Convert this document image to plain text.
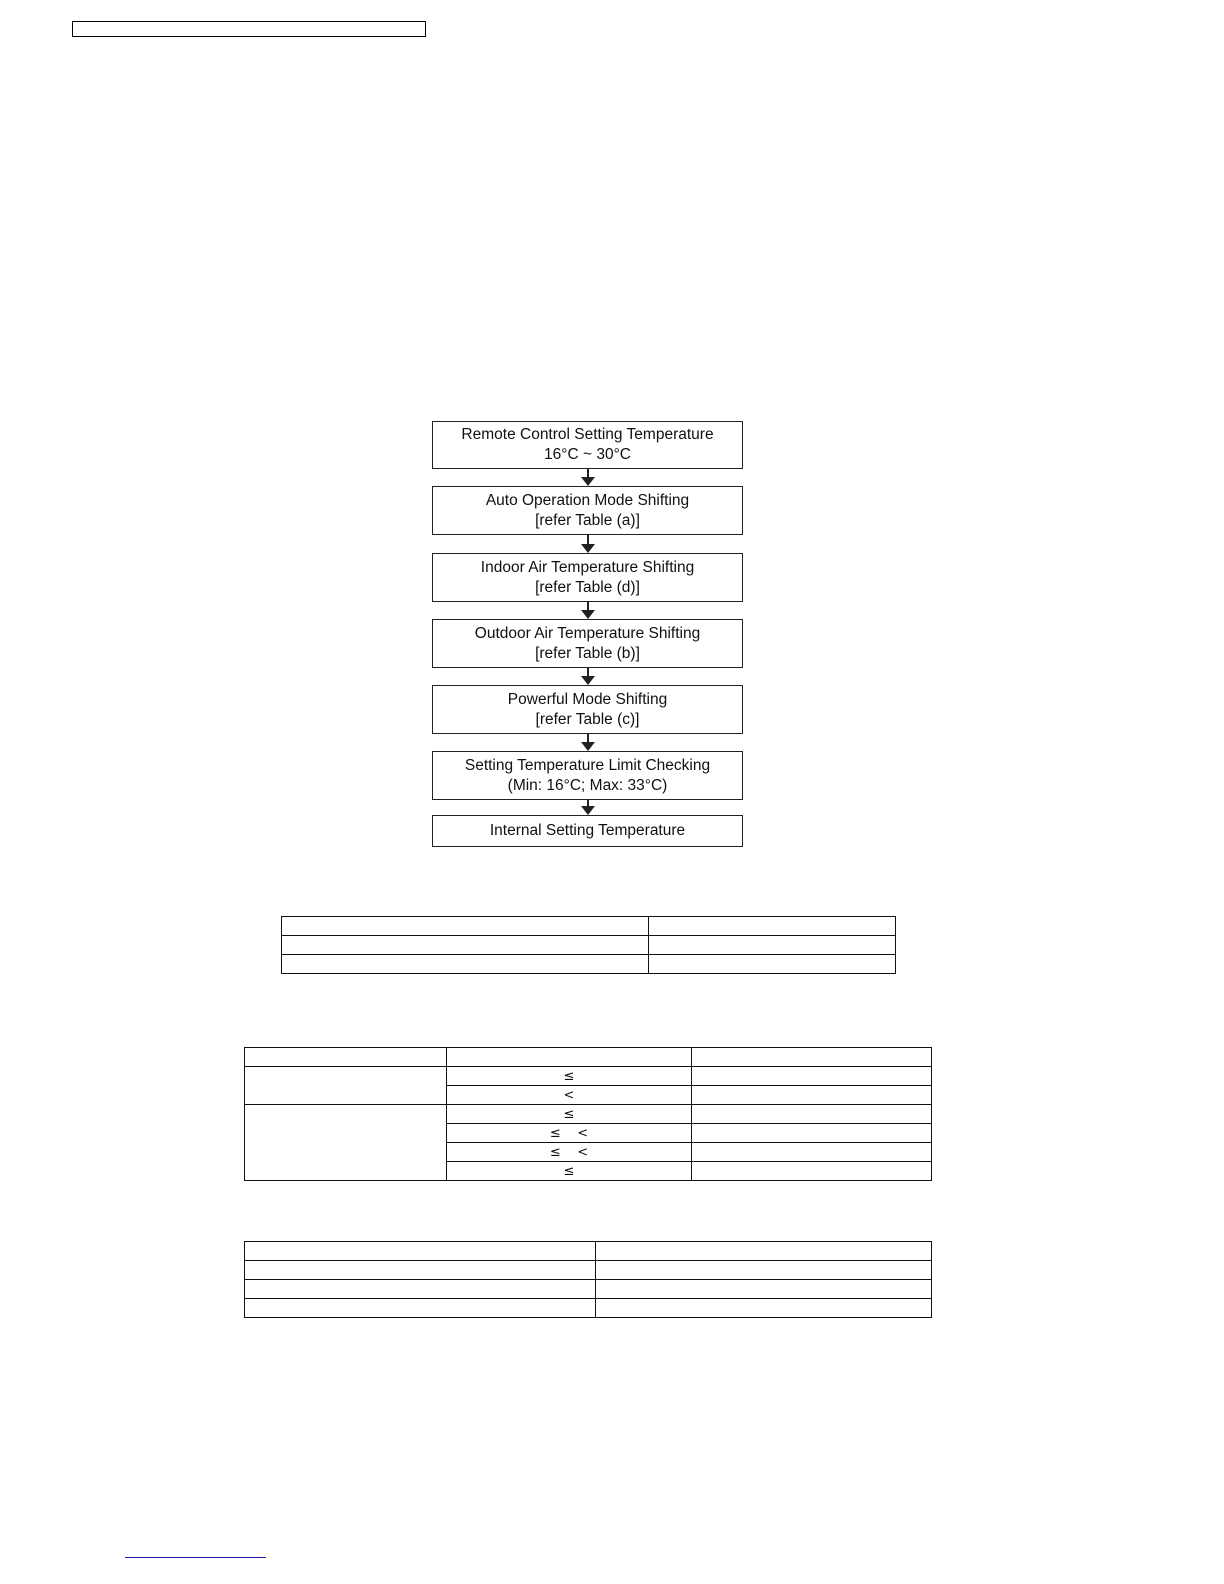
Remote Control Setting Temperature
16°C ~ 30°C
Auto Operation Mode Shifting
[refer Table (a)]
Indoor Air Temperature Shifting
[refer Table (d)]
Outdoor Air Temperature Shifting
[refer Table (b)]
Powerful Mode Shifting
[refer Table (c)]
Setting Temperature Limit Checking
(Min: 16°C; Max: 33°C)
Internal Setting Temperature

	≤	
	<	
	≤	
	≤    <	
	≤    <	
	≤	
